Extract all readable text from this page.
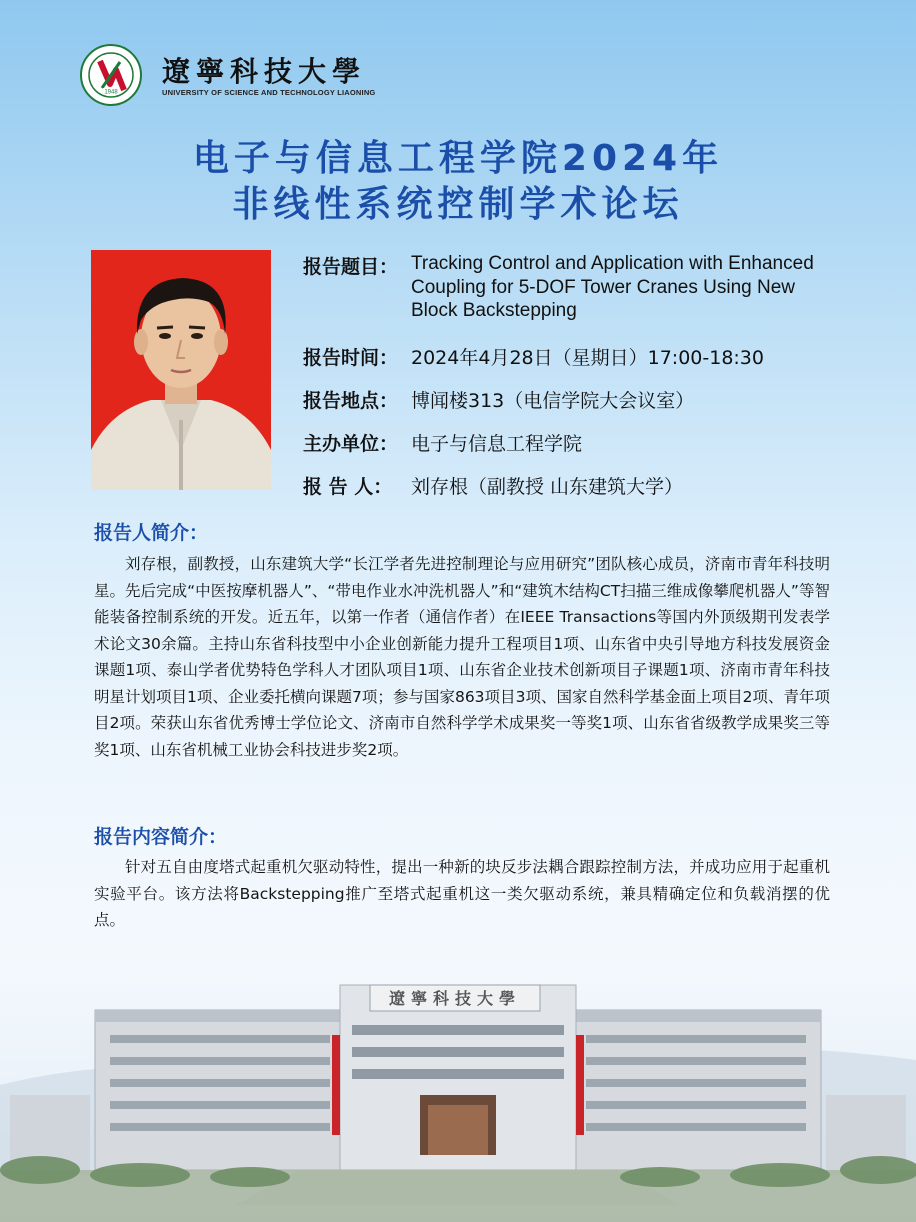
1948
遼寧科技大學
UNIVERSITY OF SCIENCE AND TECHNOLOGY LIAONING
电子与信息工程学院2024年
非线性系统控制学术论坛
报告题目： Tracking Control and Application with Enhanced Coupling for 5-DOF Tower Cranes Using New Block Backstepping
报告时间： 2024年4月28日（星期日）17:00-18:30
报告地点： 博闻楼313（电信学院大会议室）
主办单位： 电子与信息工程学院
报 告 人： 刘存根（副教授 山东建筑大学）
报告人简介：
刘存根，副教授，山东建筑大学“长江学者先进控制理论与应用研究”团队核心成员，济南市青年科技明星。先后完成“中医按摩机器人”、“带电作业水冲洗机器人”和“建筑木结构CT扫描三维成像攀爬机器人”等智能装备控制系统的开发。近五年，以第一作者（通信作者）在IEEE Transactions等国内外顶级期刊发表学术论文30余篇。主持山东省科技型中小企业创新能力提升工程项目1项、山东省中央引导地方科技发展资金课题1项、泰山学者优势特色学科人才团队项目1项、山东省企业技术创新项目子课题1项、济南市青年科技明星计划项目1项、企业委托横向课题7项；参与国家863项目3项、国家自然科学基金面上项目2项、青年项目2项。荣获山东省优秀博士学位论文、济南市自然科学学术成果奖一等奖1项、山东省省级教学成果奖三等奖1项、山东省机械工业协会科技进步奖2项。
报告内容简介：
针对五自由度塔式起重机欠驱动特性，提出一种新的块反步法耦合跟踪控制方法，并成功应用于起重机实验平台。该方法将Backstepping推广至塔式起重机这一类欠驱动系统，兼具精确定位和负载消摆的优点。
遼寧科技大學
